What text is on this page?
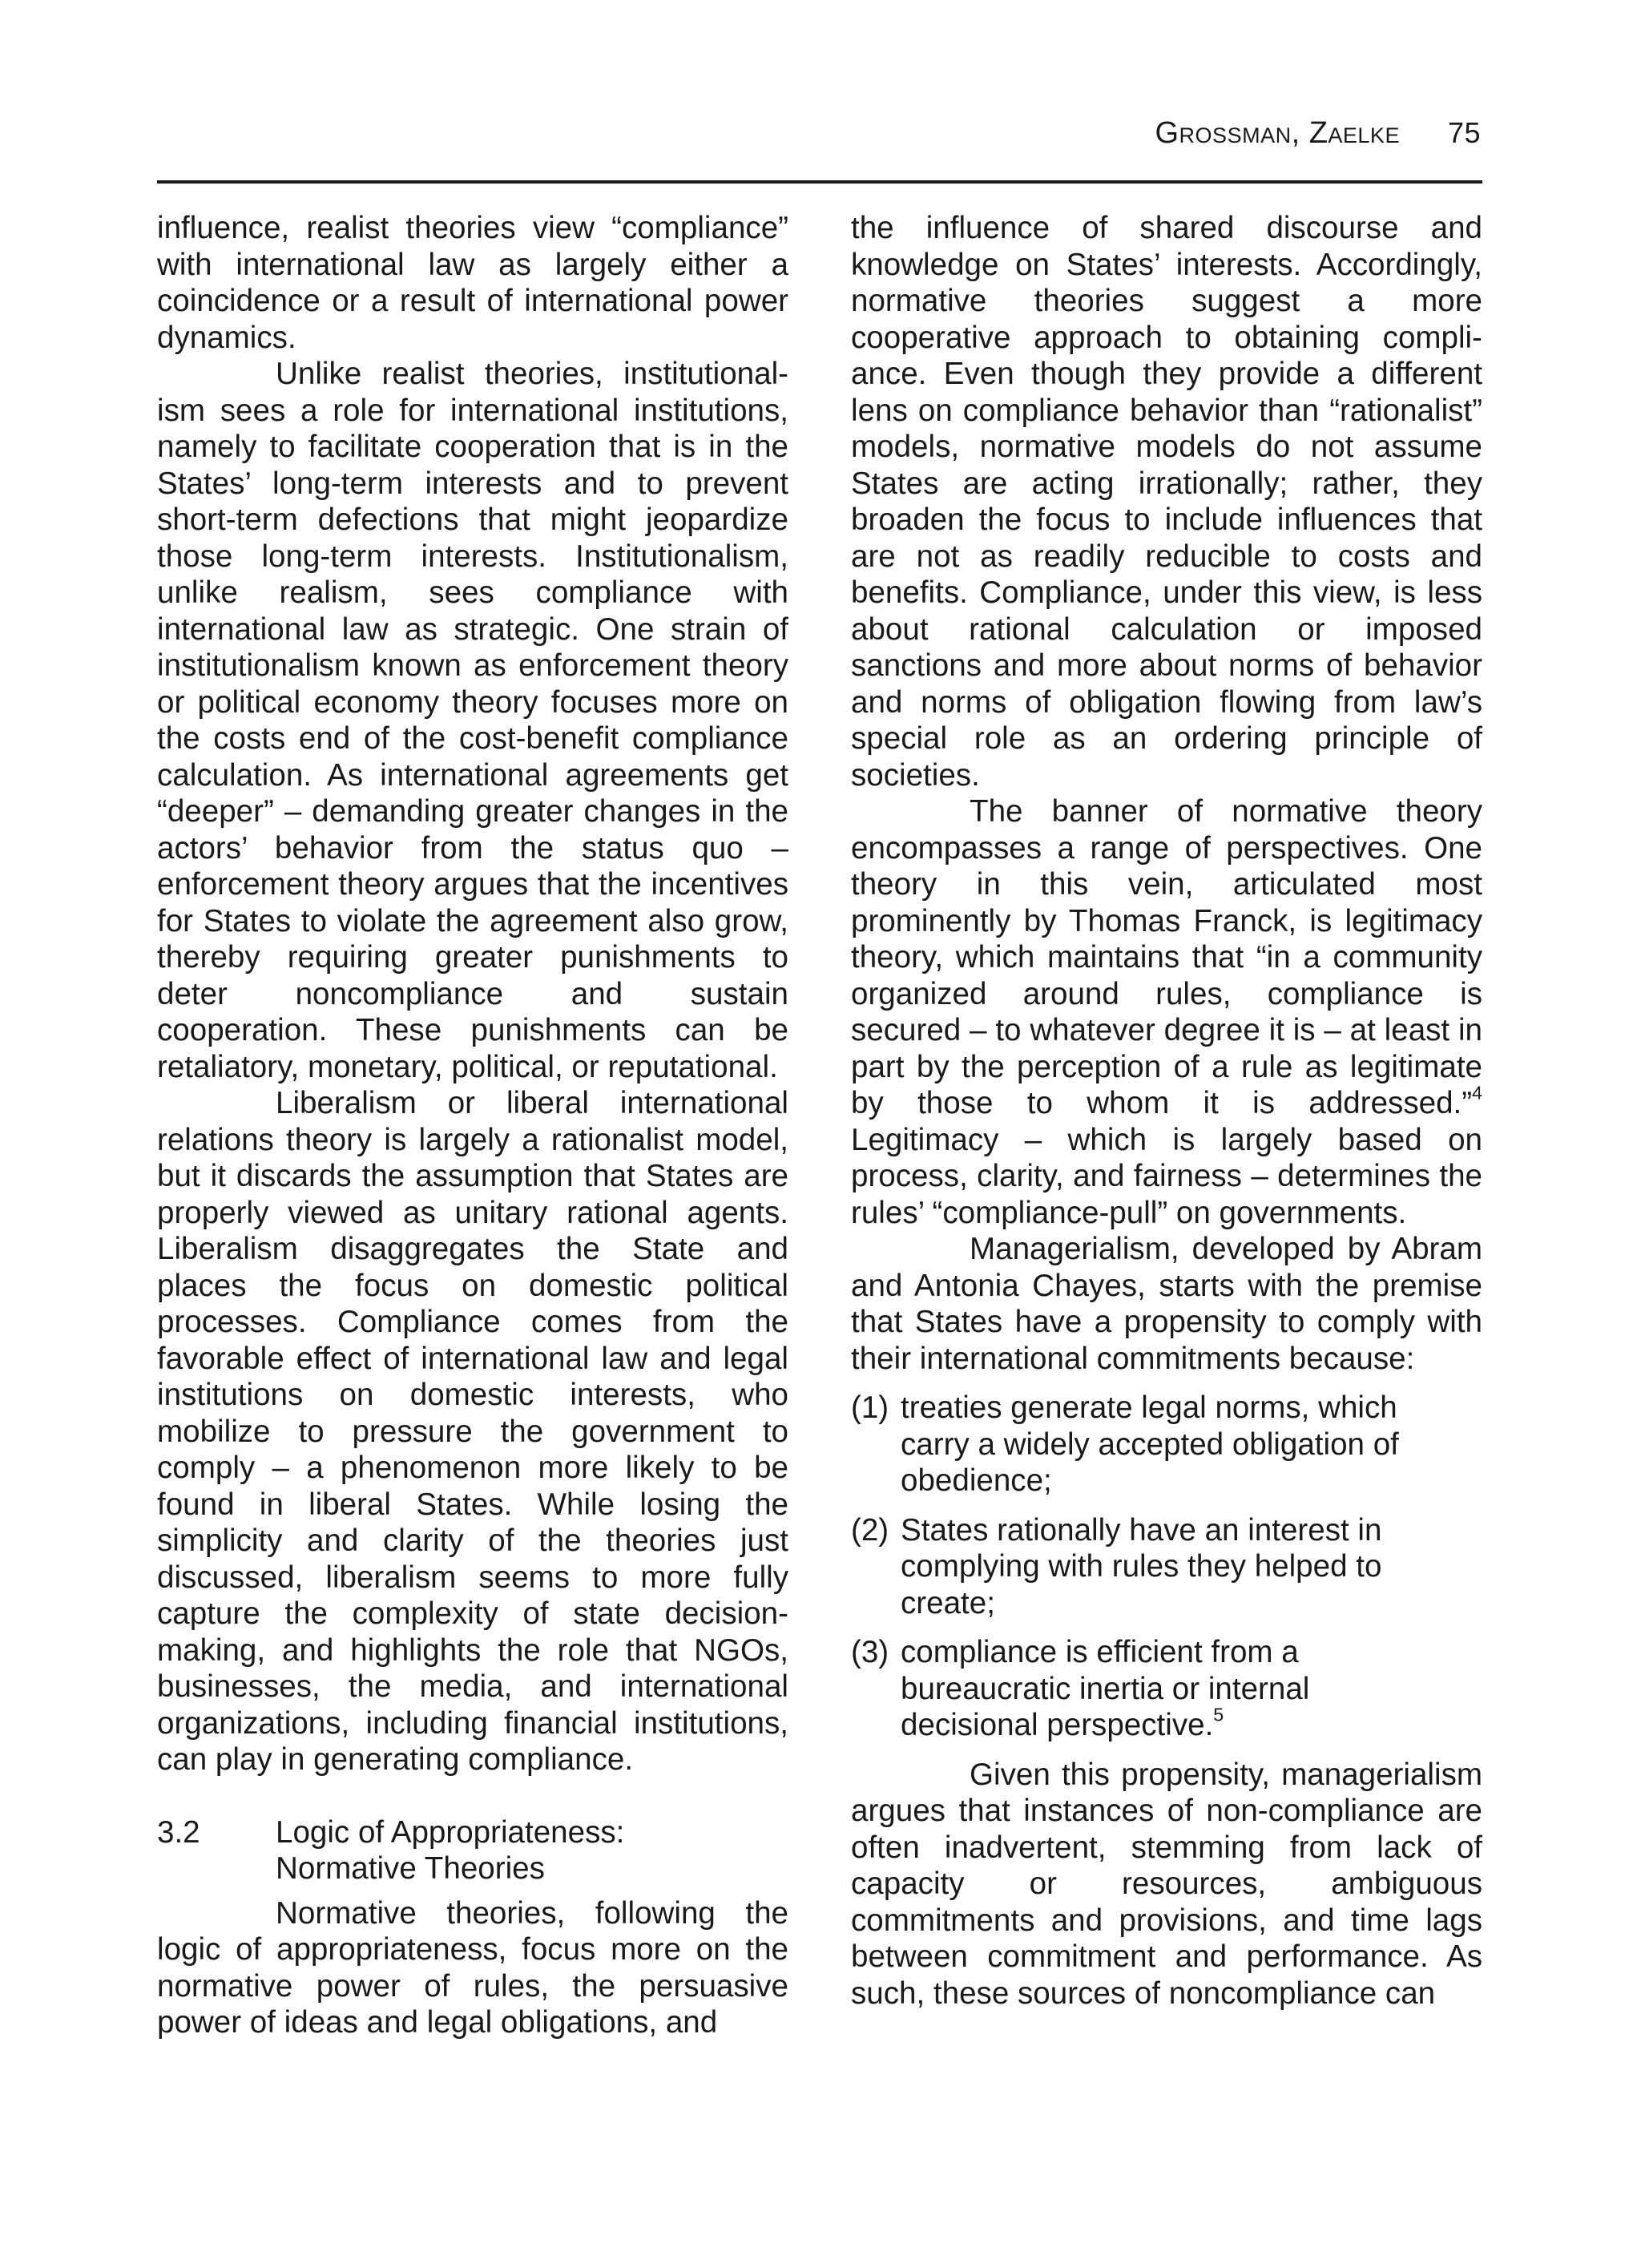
Grossman, Zaelke 75

influence, realist theories view “compliance” with international law as largely either a coincidence or a result of international power dynamics.

Unlike realist theories, institutionalism sees a role for international institutions, namely to facilitate cooperation that is in the States’ long-term interests and to prevent short-term defections that might jeopardize those long-term interests. Institutionalism, unlike realism, sees compliance with international law as strategic. One strain of institutionalism known as enforcement theory or political economy theory focuses more on the costs end of the cost-benefit compliance calculation. As international agreements get “deeper” – demanding greater changes in the actors’ behavior from the status quo – enforcement theory argues that the incentives for States to violate the agreement also grow, thereby requiring greater punishments to deter noncompliance and sustain cooperation. These punishments can be retaliatory, monetary, political, or reputational.

Liberalism or liberal international relations theory is largely a rationalist model, but it discards the assumption that States are properly viewed as unitary rational agents. Liberalism disaggregates the State and places the focus on domestic political processes. Compliance comes from the favorable effect of international law and legal institutions on domestic interests, who mobilize to pressure the government to comply – a phenomenon more likely to be found in liberal States. While losing the simplicity and clarity of the theories just discussed, liberalism seems to more fully capture the complexity of state decisionmaking, and highlights the role that NGOs, businesses, the media, and international organizations, including financial institutions, can play in generating compliance.

3.2	Logic of Appropriateness:
Normative Theories

Normative theories, following the logic of appropriateness, focus more on the normative power of rules, the persuasive power of ideas and legal obligations, and

the influence of shared discourse and knowledge on States’ interests. Accordingly, normative theories suggest a more cooperative approach to obtaining compliance. Even though they provide a different lens on compliance behavior than “rationalist” models, normative models do not assume States are acting irrationally; rather, they broaden the focus to include influences that are not as readily reducible to costs and benefits. Compliance, under this view, is less about rational calculation or imposed sanctions and more about norms of behavior and norms of obligation flowing from law’s special role as an ordering principle of societies.

The banner of normative theory encompasses a range of perspectives. One theory in this vein, articulated most prominently by Thomas Franck, is legitimacy theory, which maintains that “in a community organized around rules, compliance is secured – to whatever degree it is – at least in part by the perception of a rule as legitimate by those to whom it is addressed.”$^4$ Legitimacy – which is largely based on process, clarity, and fairness – determines the rules’ “compliance-pull” on governments.

Managerialism, developed by Abram and Antonia Chayes, starts with the premise that States have a propensity to comply with their international commitments because:

(1) treaties generate legal norms, which carry a widely accepted obligation of obedience;
(2) States rationally have an interest in complying with rules they helped to create;
(3) compliance is efficient from a bureaucratic inertia or internal decisional perspective.$^5$

Given this propensity, managerialism argues that instances of non-compliance are often inadvertent, stemming from lack of capacity or resources, ambiguous commitments and provisions, and time lags between commitment and performance. As such, these sources of noncompliance can
